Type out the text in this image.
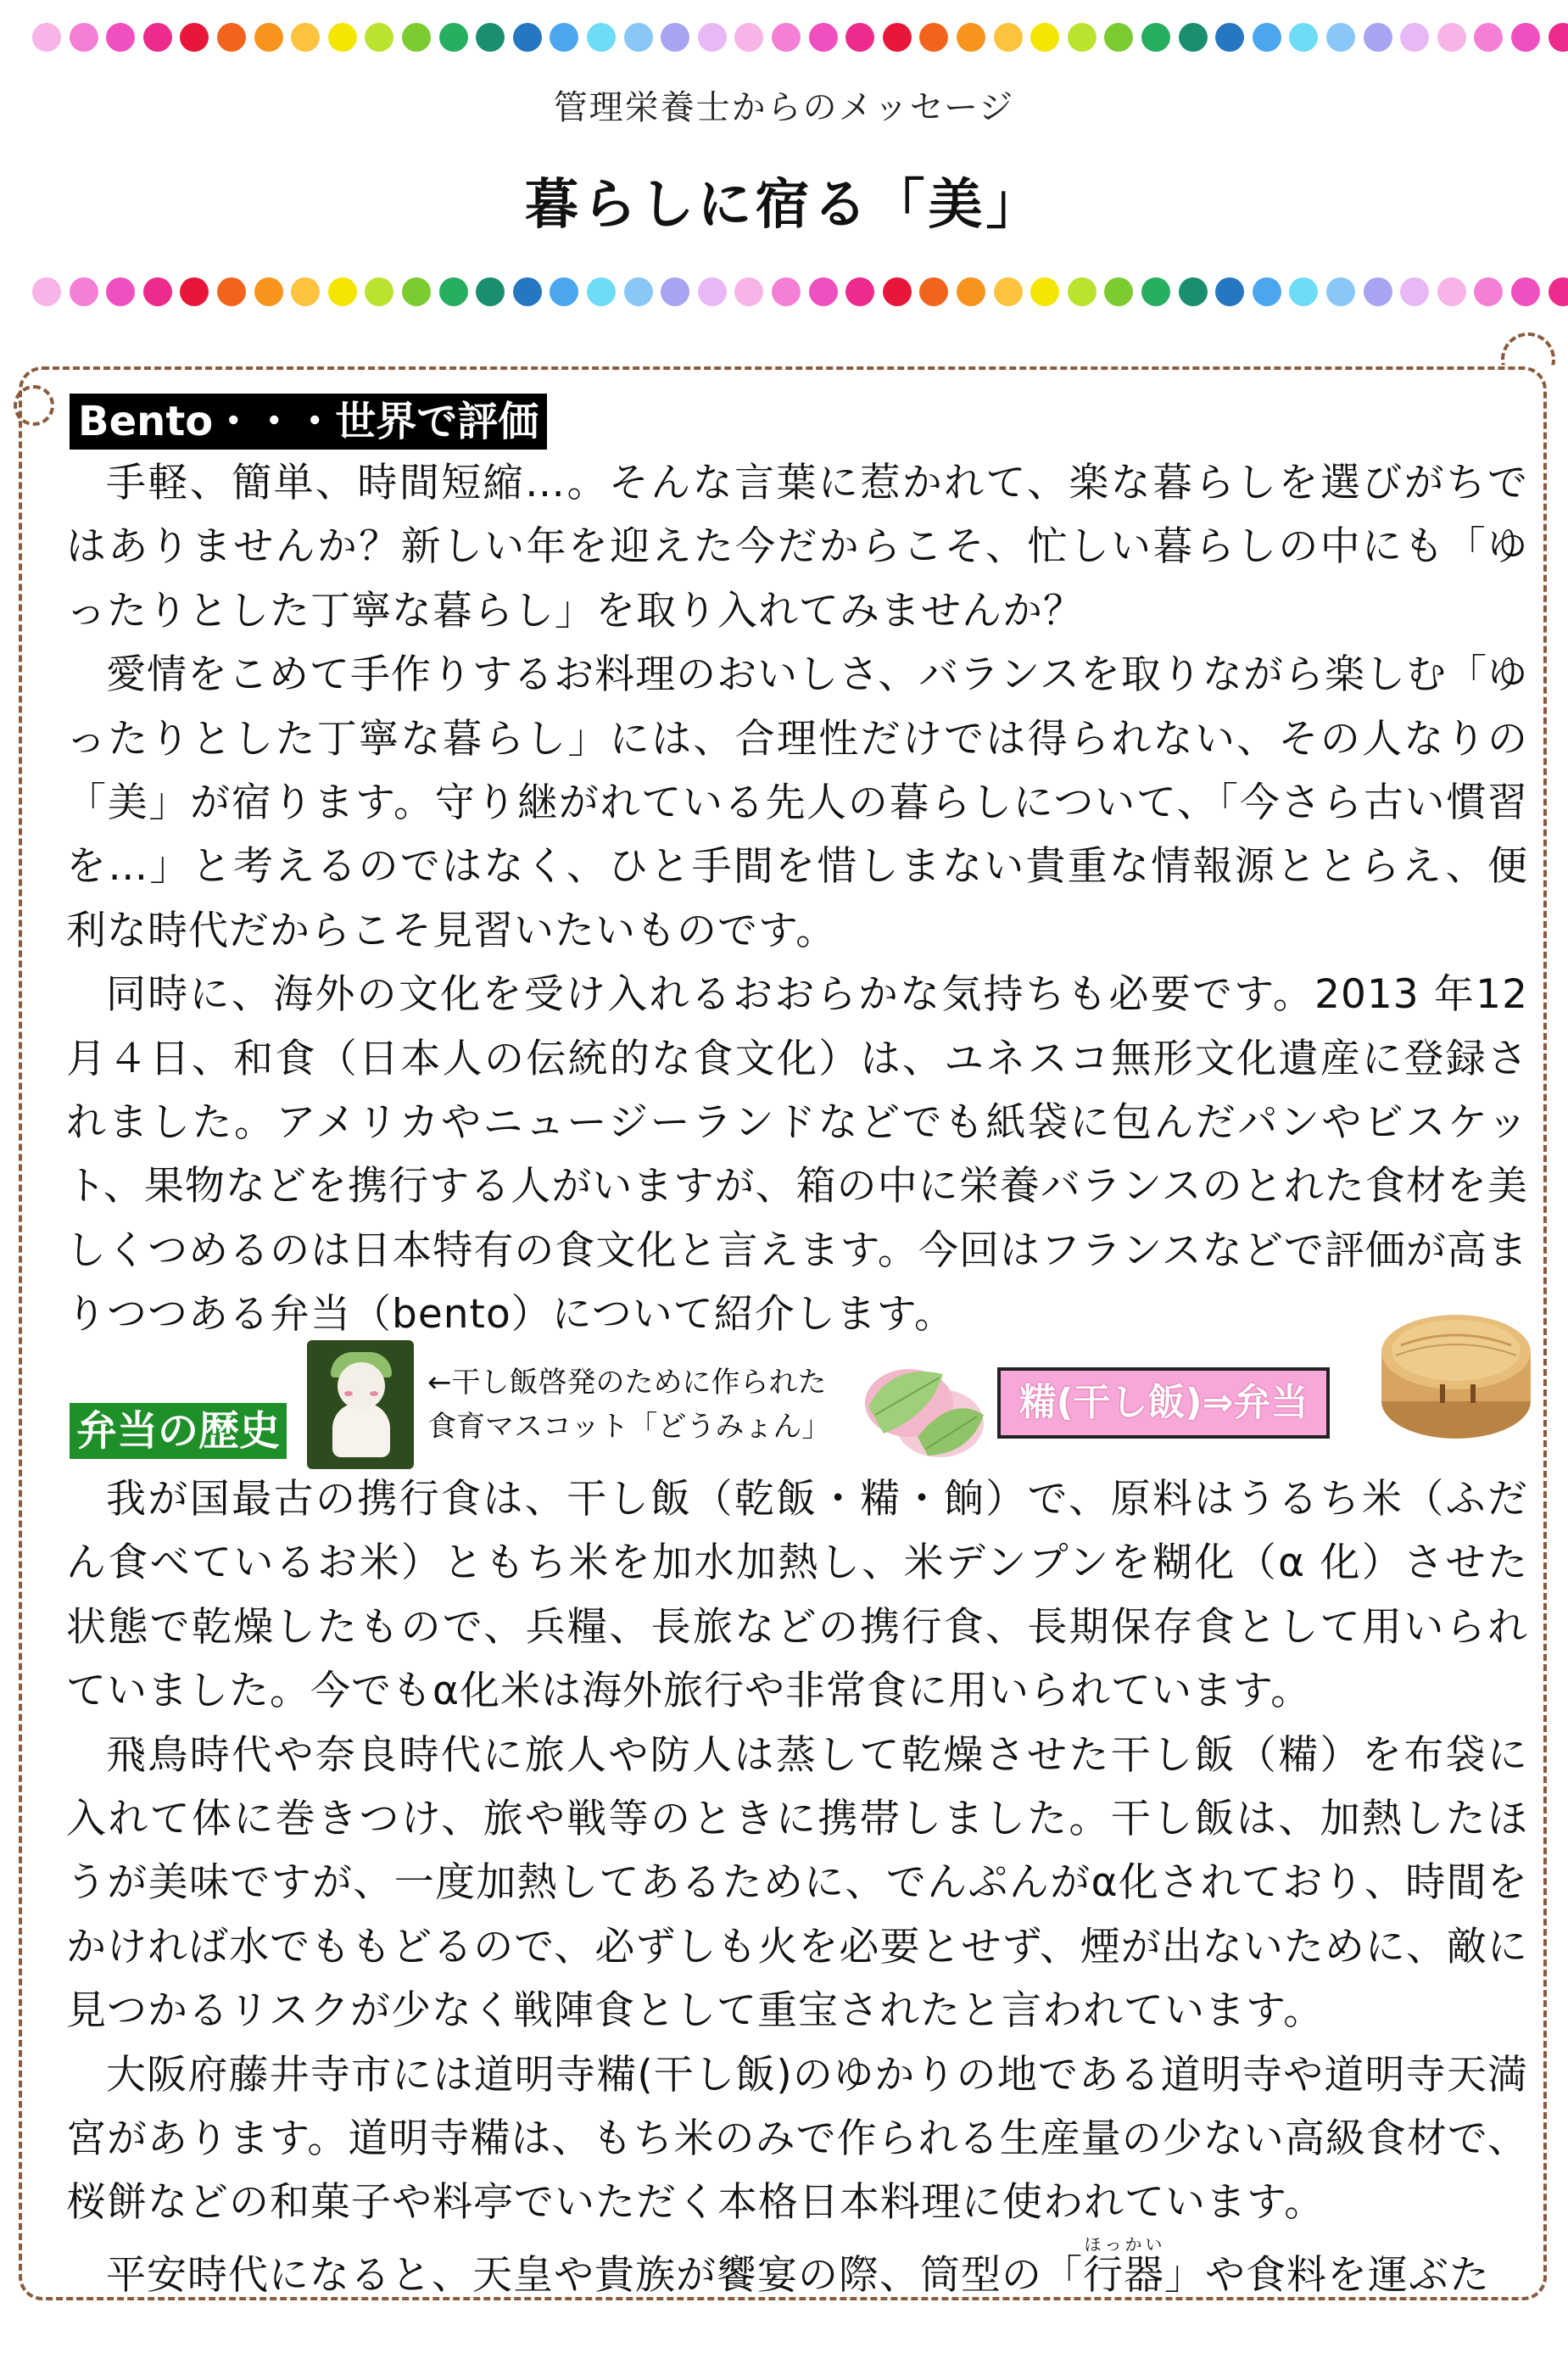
管理栄養士からのメッセージ
暮らしに宿る「美」
Bento・・・世界で評価

手軽、簡単、時間短縮…。そんな言葉に惹かれて、楽な暮らしを選びがちではありませんか？新しい年を迎えた今だからこそ、忙しい暮らしの中にも「ゆったりとした丁寧な暮らし」を取り入れてみませんか？

愛情をこめて手作りするお料理のおいしさ、バランスを取りながら楽しむ「ゆったりとした丁寧な暮らし」には、合理性だけでは得られない、その人なりの「美」が宿ります。守り継がれている先人の暮らしについて、「今さら古い慣習を…」と考えるのではなく、ひと手間を惜しまない貴重な情報源ととらえ、便利な時代だからこそ見習いたいものです。

同時に、海外の文化を受け入れるおおらかな気持ちも必要です。2013 年12 月４日、和食（日本人の伝統的な食文化）は、ユネスコ無形文化遺産に登録されました。アメリカやニュージーランドなどでも紙袋に包んだパンやビスケット、果物などを携行する人がいますが、箱の中に栄養バランスのとれた食材を美しくつめるのは日本特有の食文化と言えます。今回はフランスなどで評価が高まりつつある弁当（bento）について紹介します。

弁当の歴史
←干し飯啓発のために作られた
食育マスコット「どうみょん」
糒(干し飯)⇒弁当

我が国最古の携行食は、干し飯（乾飯・糒・餉）で、原料はうるち米（ふだん食べているお米）ともち米を加水加熱し、米デンプンを糊化（α 化）させた状態で乾燥したもので、兵糧、長旅などの携行食、長期保存食として用いられていました。今でもα化米は海外旅行や非常食に用いられています。

飛鳥時代や奈良時代に旅人や防人は蒸して乾燥させた干し飯（糒）を布袋に入れて体に巻きつけ、旅や戦等のときに携帯しました。干し飯は、加熱したほうが美味ですが、一度加熱してあるために、でんぷんがα化されており、時間をかければ水でももどるので、必ずしも火を必要とせず、煙が出ないために、敵に見つかるリスクが少なく戦陣食として重宝されたと言われています。

大阪府藤井寺市には道明寺糒(干し飯)のゆかりの地である道明寺や道明寺天満宮があります。道明寺糒は、もち米のみで作られる生産量の少ない高級食材で、桜餅などの和菓子や料亭でいただく本格日本料理に使われています。

平安時代になると、天皇や貴族が饗宴の際、筒型の「行器ほっかい」や食料を運ぶた
